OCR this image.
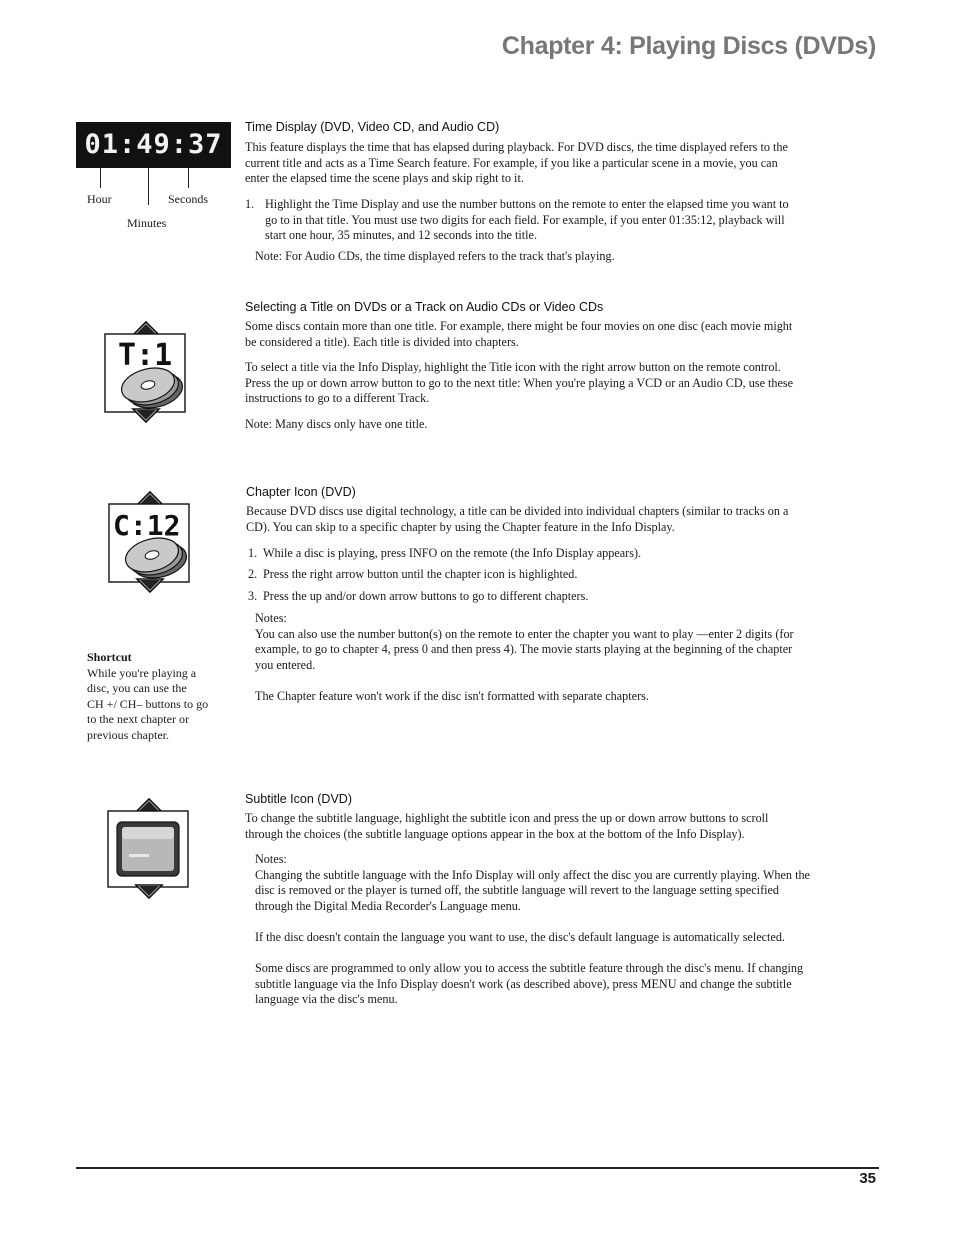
Chapter 4: Playing Discs (DVDs)
01:49:37
Hour	Seconds
Minutes
Time Display (DVD, Video CD, and Audio CD)

This feature displays the time that has elapsed during playback. For DVD discs, the time displayed refers to the

current title and acts as a Time Search feature. For example, if you like a particular scene in a movie, you can

enter the elapsed time the scene plays and skip right to it.

1. Highlight the Time Display and use the number buttons on the remote to enter the elapsed time you want to

go to in that title. You must use two digits for each field. For example, if you enter 01:35:12, playback will

start one hour, 35 minutes, and 12 seconds into the title.

Note: For Audio CDs, the time displayed refers to the track that's playing.

T:1
Selecting a Title on DVDs or a Track on Audio CDs or Video CDs

Some discs contain more than one title. For example, there might be four movies on one disc (each movie might

be considered a title). Each title is divided into chapters.

To select a title via the Info Display, highlight the Title icon with the right arrow button on the remote control.

Press the up or down arrow button to go to the next title: When you're playing a VCD or an Audio CD, use these

instructions to go to a different Track.

Note: Many discs only have one title.

C:12
Chapter Icon (DVD)

Because DVD discs use digital technology, a title can be divided into individual chapters (similar to tracks on a

CD). You can skip to a specific chapter by using the Chapter feature in the Info Display.

1. While a disc is playing, press INFO on the remote (the Info Display appears).
2. Press the right arrow button until the chapter icon is highlighted.
3. Press the up and/or down arrow buttons to go to different chapters.

Notes:

You can also use the number button(s) on the remote to enter the chapter you want to play —enter 2 digits (for

example, to go to chapter 4, press 0 and then press 4). The movie starts playing at the beginning of the chapter

you entered.

The Chapter feature won't work if the disc isn't formatted with separate chapters.

Shortcut

While you're playing a

disc, you can use the

CH +/ CH– buttons to go

to the next chapter or

previous chapter.

Subtitle Icon (DVD)

To change the subtitle language, highlight the subtitle icon and press the up or down arrow buttons to scroll

through the choices (the subtitle language options appear in the box at the bottom of the Info Display).

Notes:

Changing the subtitle language with the Info Display will only affect the disc you are currently playing. When the

disc is removed or the player is turned off, the subtitle language will revert to the language setting specified

through the Digital Media Recorder's Language menu.

If the disc doesn't contain the language you want to use, the disc's default language is automatically selected.

Some discs are programmed to only allow you to access the subtitle feature through the disc's menu. If changing

subtitle language via the Info Display doesn't work (as described above), press MENU and change the subtitle

language via the disc's menu.

35
